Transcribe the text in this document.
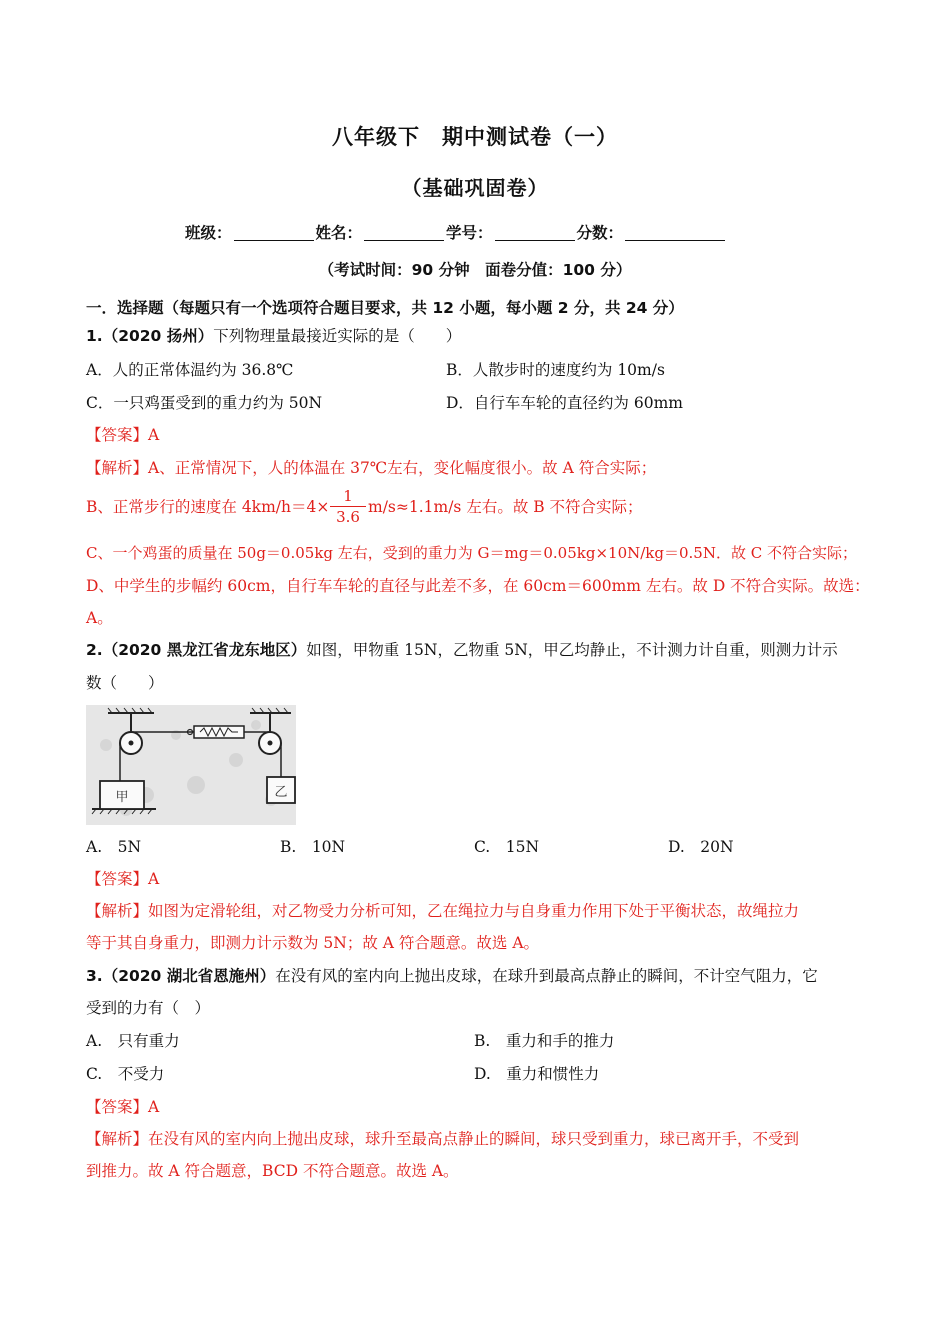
八年级下　期中测试卷（一）
（基础巩固卷）
班级：	姓名：	学号：	分数：
（考试时间：90 分钟　面卷分值：100 分）
一．选择题（每题只有一个选项符合题目要求，共 12 小题，每小题 2 分，共 24 分）
1.（2020 扬州）下列物理量最接近实际的是（　　）
A．人的正常体温约为 36.8℃	B．人散步时的速度约为 10m/s
C．一只鸡蛋受到的重力约为 50N	D．自行车车轮的直径约为 60mm
【答案】A
【解析】A、正常情况下，人的体温在 37℃左右，变化幅度很小。故 A 符合实际；
B、正常步行的速度在 4km/h＝4×
1
3.6
m/s≈1.1m/s 左右。故 B 不符合实际；
C、一个鸡蛋的质量在 50g＝0.05kg 左右，受到的重力为 G＝mg＝0.05kg×10N/kg＝0.5N．故 C 不符合实际；
D、中学生的步幅约 60cm，自行车车轮的直径与此差不多，在 60cm＝600mm 左右。故 D 不符合实际。故选：
A。
2.（2020 黑龙江省龙东地区）如图，甲物重 15N，乙物重 5N，甲乙均静止，不计测力计自重，则测力计示
数（　　）
甲	乙
A.　5N	B.　10N	C.　15N	D.　20N
【答案】A
【解析】如图为定滑轮组，对乙物受力分析可知，乙在绳拉力与自身重力作用下处于平衡状态，故绳拉力
等于其自身重力，即测力计示数为 5N；故 A 符合题意。故选 A。
3.（2020 湖北省恩施州）在没有风的室内向上抛出皮球，在球升到最高点静止的瞬间，不计空气阻力，它
受到的力有（　）
A.　只有重力	B.　重力和手的推力
C.　不受力	D.　重力和惯性力
【答案】A
【解析】在没有风的室内向上抛出皮球，球升至最高点静止的瞬间，球只受到重力，球已离开手，不受到
到推力。故 A 符合题意，BCD 不符合题意。故选 A。
